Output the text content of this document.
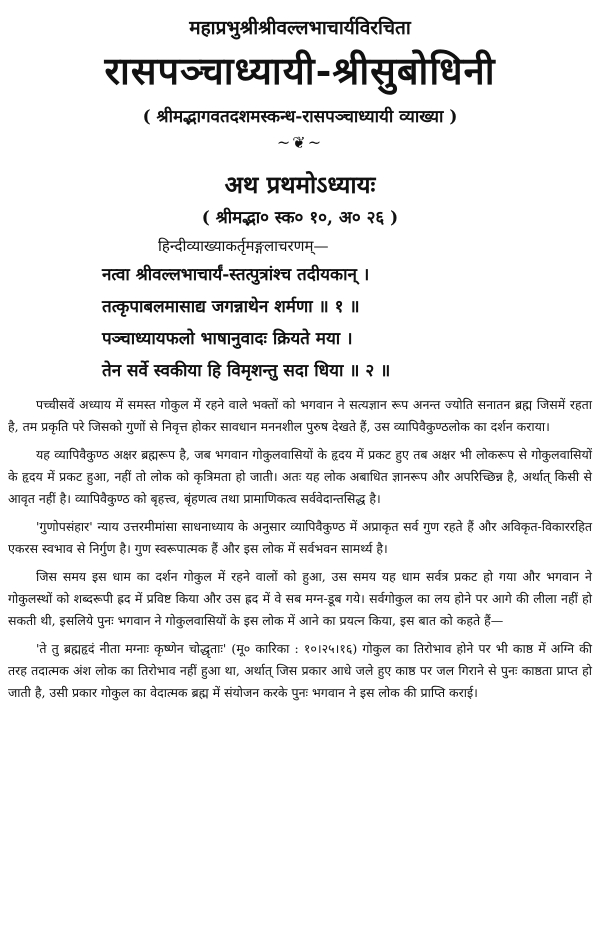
महाप्रभुश्रीश्रीवल्लभाचार्यविरचिता
रासपञ्चाध्यायी-श्रीसुबोधिनी
( श्रीमद्भागवतदशमस्कन्ध-रासपञ्चाध्यायी व्याख्या )
~❦~
अथ प्रथमोऽध्यायः
( श्रीमद्भा० स्क० १०, अ० २६ )
हिन्दीव्याख्याकर्तृमङ्गलाचरणम्—
नत्वा श्रीवल्लभाचार्यं-स्तत्पुत्रांश्च तदीयकान् ।
तत्कृपाबलमासाद्य जगन्नाथेन शर्मणा ॥ १ ॥
पञ्चाध्यायफलो भाषानुवादः क्रियते मया ।
तेन सर्वे स्वकीया हि विमृशन्तु सदा धिया ॥ २ ॥

पच्चीसवें अध्याय में समस्त गोकुल में रहने वाले भक्तों को भगवान ने सत्यज्ञान रूप अनन्त ज्योति सनातन ब्रह्म जिसमें रहता है, तम प्रकृति परे जिसको गुणों से निवृत्त होकर सावधान मननशील पुरुष देखते हैं, उस व्यापिवैकुण्ठलोक का दर्शन कराया।

यह व्यापिवैकुण्ठ अक्षर ब्रह्मरूप है, जब भगवान गोकुलवासियों के हृदय में प्रकट हुए तब अक्षर भी लोकरूप से गोकुलवासियों के हृदय में प्रकट हुआ, नहीं तो लोक को कृत्रिमता हो जाती। अतः यह लोक अबाधित ज्ञानरूप और अपरिच्छिन्न है, अर्थात् किसी से आवृत नहीं है। व्यापिवैकुण्ठ को बृहत्त्व, बृंहणत्व तथा प्रामाणिकत्व सर्ववेदान्तसिद्ध है।

'गुणोपसंहार' न्याय उत्तरमीमांसा साधनाध्याय के अनुसार व्यापिवैकुण्ठ में अप्राकृत सर्व गुण रहते हैं और अविकृत-विकाररहित एकरस स्वभाव से निर्गुण है। गुण स्वरूपात्मक हैं और इस लोक में सर्वभवन सामर्थ्य है।

जिस समय इस धाम का दर्शन गोकुल में रहने वालों को हुआ, उस समय यह धाम सर्वत्र प्रकट हो गया और भगवान ने गोकुलस्थों को शब्दरूपी ह्रद में प्रविष्ट किया और उस ह्रद में वे सब मग्न-डूब गये। सर्वगोकुल का लय होने पर आगे की लीला नहीं हो सकती थी, इसलिये पुनः भगवान ने गोकुलवासियों के इस लोक में आने का प्रयत्न किया, इस बात को कहते हैं—

'ते तु ब्रह्महृदं नीता मग्नाः कृष्णेन चोद्धृताः' (मू० कारिका : १०।२५।१६) गोकुल का तिरोभाव होने पर भी काष्ठ में अग्नि की तरह तदात्मक अंश लोक का तिरोभाव नहीं हुआ था, अर्थात् जिस प्रकार आधे जले हुए काष्ठ पर जल गिराने से पुनः काष्ठता प्राप्त हो जाती है, उसी प्रकार गोकुल का वेदात्मक ब्रह्म में संयोजन करके पुनः भगवान ने इस लोक की प्राप्ति कराई।
